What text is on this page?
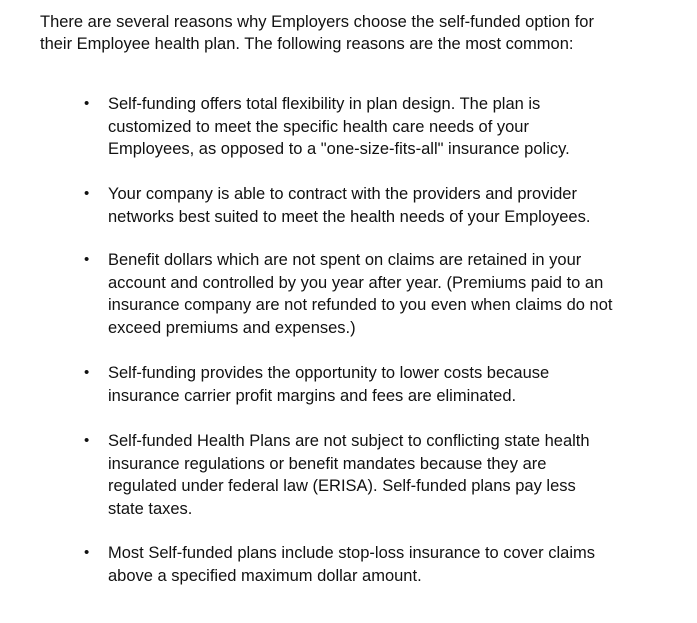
There are several reasons why Employers choose the self-funded option for
their Employee health plan. The following reasons are the most common:

•	Self-funding offers total flexibility in plan design. The plan is
customized to meet the specific health care needs of your
Employees, as opposed to a "one-size-fits-all" insurance policy.
•	Your company is able to contract with the providers and provider
networks best suited to meet the health needs of your Employees.
•	Benefit dollars which are not spent on claims are retained in your
account and controlled by you year after year. (Premiums paid to an
insurance company are not refunded to you even when claims do not
exceed premiums and expenses.)
•	Self-funding provides the opportunity to lower costs because
insurance carrier profit margins and fees are eliminated.
•	Self-funded Health Plans are not subject to conflicting state health
insurance regulations or benefit mandates because they are
regulated under federal law (ERISA). Self-funded plans pay less
state taxes.
•	Most Self-funded plans include stop-loss insurance to cover claims
above a specified maximum dollar amount.
